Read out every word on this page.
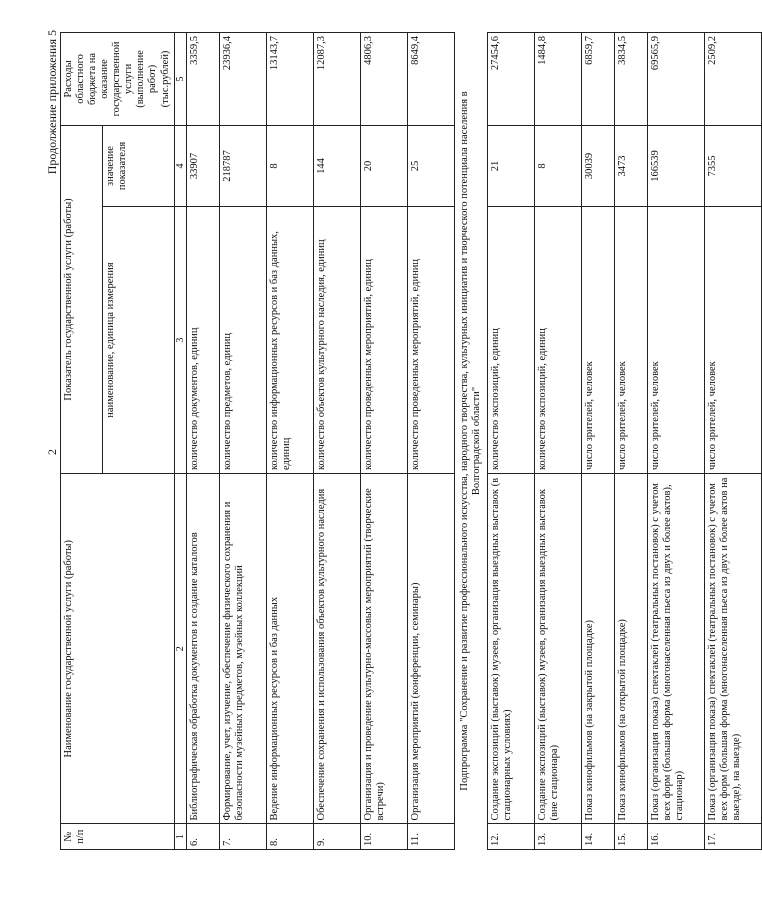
2
Продолжение приложения 5
№ п/п	Наименование государственной услуги (работы)	Показатель государственной услуги (работы)		Расходы областного бюджета на оказание государственной услуги (выполнение работ) (тыс.рублей)
		наименование, единица измерения	значение показателя	
1	2	3	4	5
6.	Библиографическая обработка документов и создание каталогов	количество документов, единиц	33907	3359,5
7.	Формирование, учет, изучение, обеспечение физического сохранения и безопасности музейных предметов, музейных коллекций	количество предметов, единиц	218787	23936,4
8.	Ведение информационных ресурсов и баз данных	количество информационных ресурсов и баз данных, единиц	8	13143,7
9.	Обеспечение сохранения и использования объектов культурного наследия	количество объектов культурного наследия, единиц	144	12087,3
10.	Организация и проведение культурно-массовых мероприятий (творческие встречи)	количество проведенных мероприятий, единиц	20	4806,3
11.	Организация мероприятий (конференции, семинары)	количество проведенных мероприятий, единиц	25	8649,4
Подпрограмма "Сохранение и развитие профессионального искусства, народного творчества, культурных инициатив и творческого потенциала населения в Волгоградской области"				
12.	Создание экспозиций (выставок) музеев, организация выездных выставок (в стационарных условиях)	количество экспозиций, единиц	21	27454,6
13.	Создание экспозиций (выставок) музеев, организация выездных выставок (вне стационара)	количество экспозиций, единиц	8	1484,8
14.	Показ кинофильмов (на закрытой площадке)	число зрителей, человек	30039	6859,7
15.	Показ кинофильмов (на открытой площадке)	число зрителей, человек	3473	3834,5
16.	Показ (организация показа) спектаклей (театральных постановок) с учетом всех форм (большая форма (многонаселенная пьеса из двух и более актов), стационар)	число зрителей, человек	166539	69565,9
17.	Показ (организация показа) спектаклей (театральных постановок) с учетом всех форм (большая форма (многонаселенная пьеса из двух и более актов на выезде), на выезде)	число зрителей, человек	7355	2509,2
